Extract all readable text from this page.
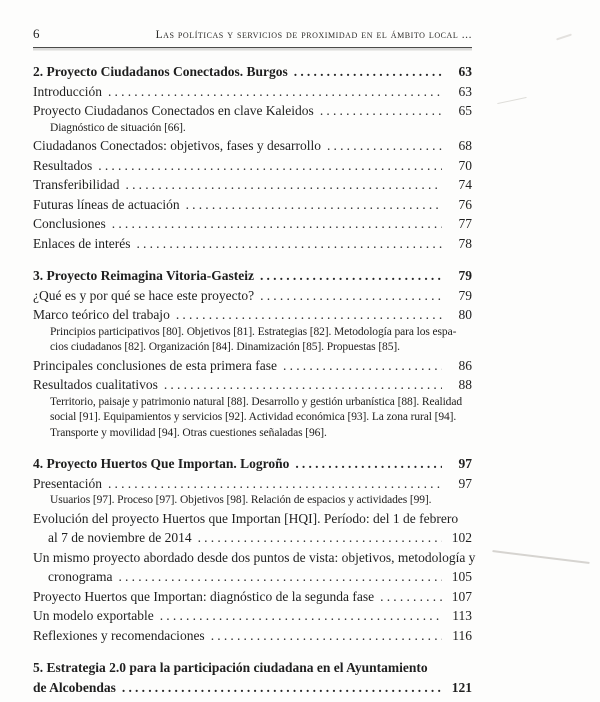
6	Las políticas y servicios de proximidad en el ámbito local ...
2. Proyecto Ciudadanos Conectados. Burgos .....	63
Introducción .....	63
Proyecto Ciudadanos Conectados en clave Kaleidos .....	65
Diagnóstico de situación [66].
Ciudadanos Conectados: objetivos, fases y desarrollo .....	68
Resultados .....	70
Transferibilidad .....	74
Futuras líneas de actuación .....	76
Conclusiones .....	77
Enlaces de interés .....	78
3. Proyecto Reimagina Vitoria-Gasteiz .....	79
¿Qué es y por qué se hace este proyecto? .....	79
Marco teórico del trabajo .....	80
Principios participativos [80]. Objetivos [81]. Estrategias [82]. Metodología para los espa-
cios ciudadanos [82]. Organización [84]. Dinamización [85]. Propuestas [85].
Principales conclusiones de esta primera fase .....	86
Resultados cualitativos .....	88
Territorio, paisaje y patrimonio natural [88]. Desarrollo y gestión urbanística [88]. Realidad
social [91]. Equipamientos y servicios [92]. Actividad económica [93]. La zona rural [94].
Transporte y movilidad [94]. Otras cuestiones señaladas [96].
4. Proyecto Huertos Que Importan. Logroño .....	97
Presentación .....	97
Usuarios [97]. Proceso [97]. Objetivos [98]. Relación de espacios y actividades [99].
Evolución del proyecto Huertos que Importan [HQI]. Período: del 1 de febrero
al 7 de noviembre de 2014 .....	102
Un mismo proyecto abordado desde dos puntos de vista: objetivos, metodología y
cronograma .....	105
Proyecto Huertos que Importan: diagnóstico de la segunda fase .....	107
Un modelo exportable .....	113
Reflexiones y recomendaciones .....	116
5. Estrategia 2.0 para la participación ciudadana en el Ayuntamiento
de Alcobendas .....	121
